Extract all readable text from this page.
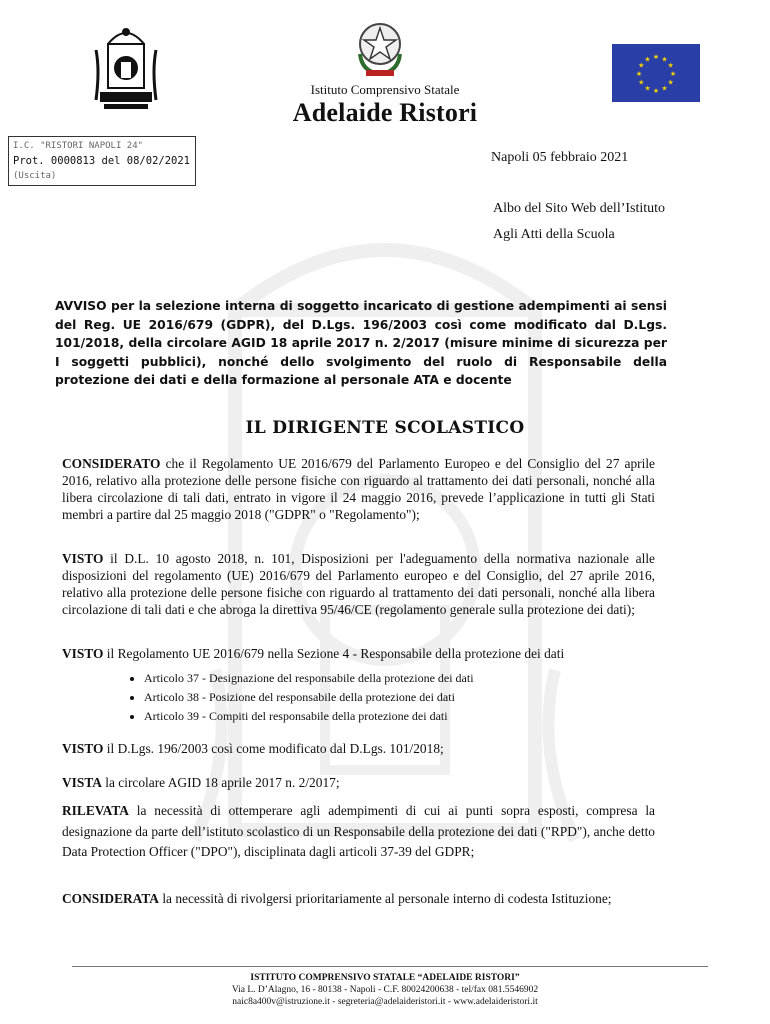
★
★
★
★
★
★
★
★
★ ★ ★
★
Istituto Comprensivo Statale
Adelaide Ristori
I.C. "RISTORI NAPOLI 24"
Prot. 0000813 del 08/02/2021
(Uscita)
Napoli 05 febbraio 2021
Albo del Sito Web dell’Istituto
Agli Atti della Scuola
AVVISO per la selezione interna di soggetto incaricato di gestione adempimenti ai sensi del Reg. UE 2016/679 (GDPR), del D.Lgs. 196/2003 così come modificato dal D.Lgs. 101/2018, della circolare AGID 18 aprile 2017 n. 2/2017 (misure minime di sicurezza per I soggetti pubblici), nonché dello svolgimento del ruolo di Responsabile della protezione dei dati e della formazione al personale ATA e docente
IL DIRIGENTE SCOLASTICO
CONSIDERATO che il Regolamento UE 2016/679 del Parlamento Europeo e del Consiglio del 27 aprile 2016, relativo alla protezione delle persone fisiche con riguardo al trattamento dei dati personali, nonché alla libera circolazione di tali dati, entrato in vigore il 24 maggio 2016, prevede l’applicazione in tutti gli Stati membri a partire dal 25 maggio 2018 ("GDPR" o "Regolamento");
VISTO il D.L. 10 agosto 2018, n. 101, Disposizioni per l'adeguamento della normativa nazionale alle disposizioni del regolamento (UE) 2016/679 del Parlamento europeo e del Consiglio, del 27 aprile 2016, relativo alla protezione delle persone fisiche con riguardo al trattamento dei dati personali, nonché alla libera circolazione di tali dati e che abroga la direttiva 95/46/CE (regolamento generale sulla protezione dei dati);
VISTO il Regolamento UE 2016/679 nella Sezione 4 - Responsabile della protezione dei dati
• Articolo 37 - Designazione del responsabile della protezione dei dati
• Articolo 38 - Posizione del responsabile della protezione dei dati
• Articolo 39 - Compiti del responsabile della protezione dei dati
VISTO il D.Lgs. 196/2003 così come modificato dal D.Lgs. 101/2018;
VISTA la circolare AGID 18 aprile 2017 n. 2/2017;
RILEVATA la necessità di ottemperare agli adempimenti di cui ai punti sopra esposti, compresa la designazione da parte dell’istituto scolastico di un Responsabile della protezione dei dati ("RPD"), anche detto Data Protection Officer ("DPO"), disciplinata dagli articoli 37-39 del GDPR;
CONSIDERATA la necessità di rivolgersi prioritariamente al personale interno di codesta Istituzione;
ISTITUTO COMPRENSIVO STATALE “ADELAIDE RISTORI”
Via L. D’Alagno, 16 - 80138 - Napoli - C.F. 80024200638 - tel/fax 081.5546902
naic8a400v@istruzione.it - segreteria@adelaideristori.it - www.adelaideristori.it
